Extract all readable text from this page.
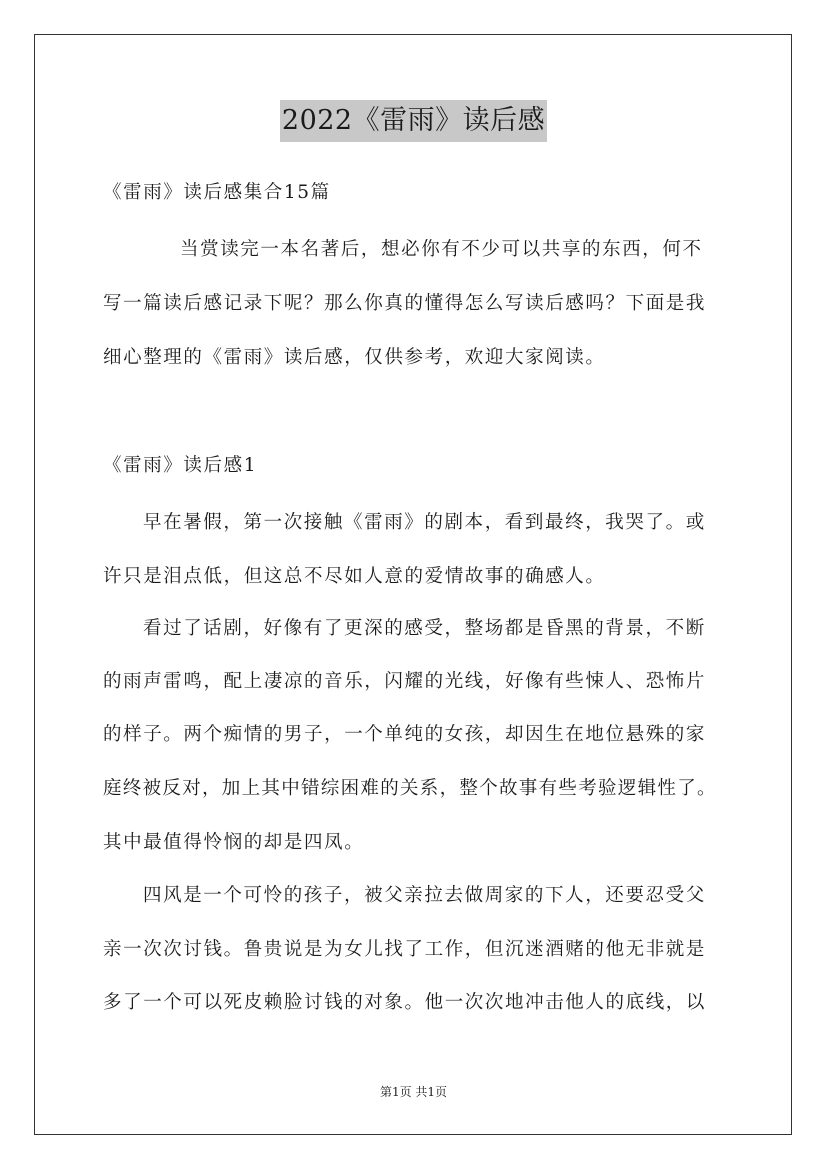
2022《雷雨》读后感
《雷雨》读后感集合15篇
当赏读完一本名著后，想必你有不少可以共享的东西，何不
写一篇读后感记录下呢？那么你真的懂得怎么写读后感吗？下面是我
细心整理的《雷雨》读后感，仅供参考，欢迎大家阅读。
《雷雨》读后感1
早在暑假，第一次接触《雷雨》的剧本，看到最终，我哭了。或
许只是泪点低，但这总不尽如人意的爱情故事的确感人。
看过了话剧，好像有了更深的感受，整场都是昏黑的背景，不断
的雨声雷鸣，配上凄凉的音乐，闪耀的光线，好像有些悚人、恐怖片
的样子。两个痴情的男子，一个单纯的女孩，却因生在地位悬殊的家
庭终被反对，加上其中错综困难的关系，整个故事有些考验逻辑性了。
其中最值得怜悯的却是四凤。
四风是一个可怜的孩子，被父亲拉去做周家的下人，还要忍受父
亲一次次讨钱。鲁贵说是为女儿找了工作，但沉迷酒赌的他无非就是
多了一个可以死皮赖脸讨钱的对象。他一次次地冲击他人的底线，以
第1页 共1页
